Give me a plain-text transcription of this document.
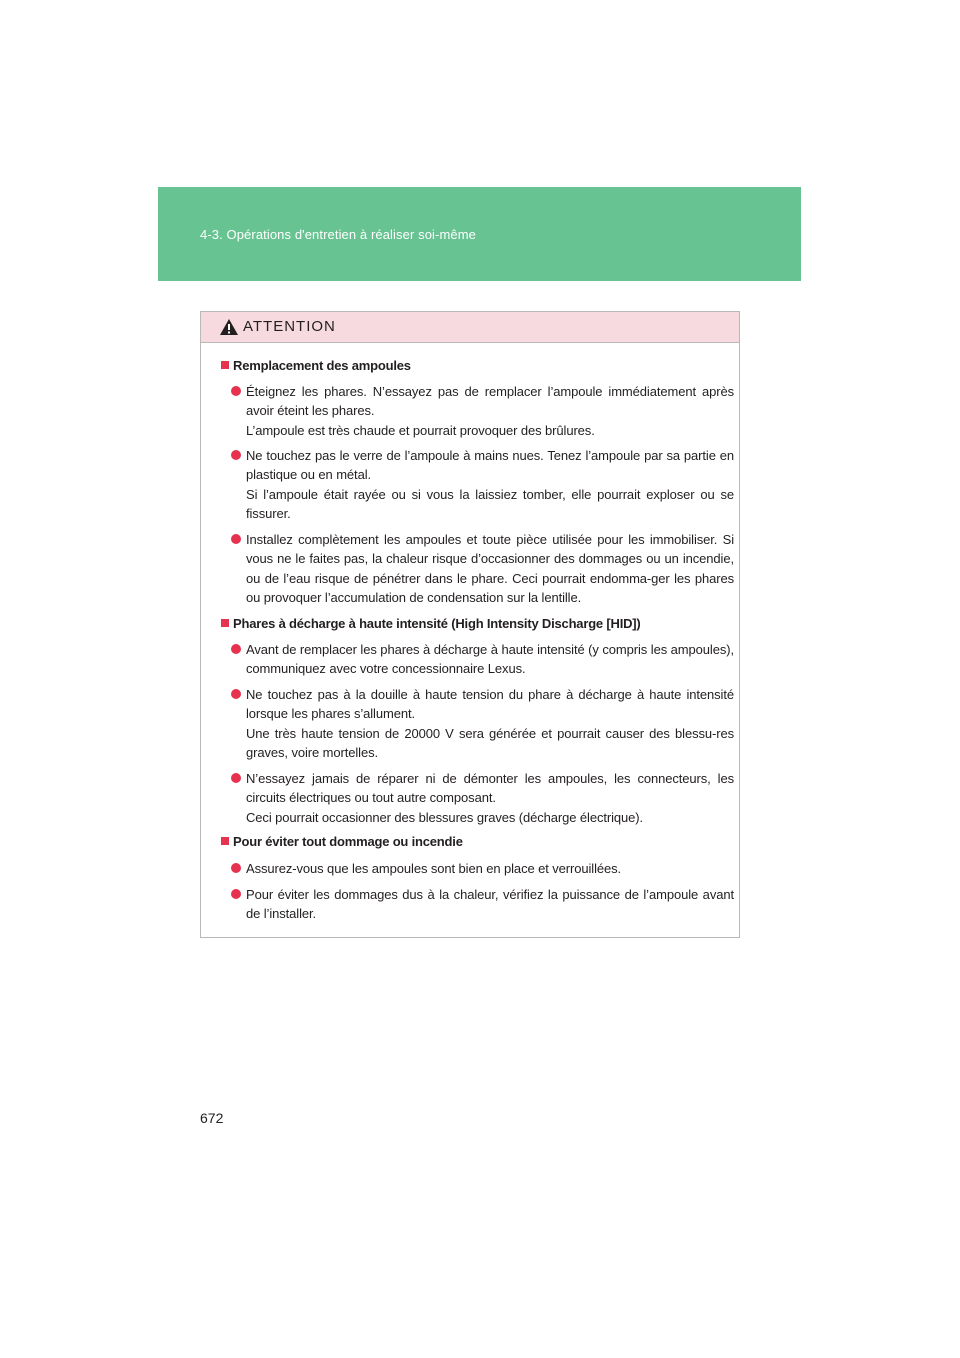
4-3. Opérations d'entretien à réaliser soi-même
ATTENTION
Remplacement des ampoules
Éteignez les phares. N’essayez pas de remplacer l’ampoule immédiatement après avoir éteint les phares.
L’ampoule est très chaude et pourrait provoquer des brûlures.
Ne touchez pas le verre de l’ampoule à mains nues. Tenez l’ampoule par sa partie en plastique ou en métal.
Si l’ampoule était rayée ou si vous la laissiez tomber, elle pourrait exploser ou se fissurer.
Installez complètement les ampoules et toute pièce utilisée pour les immobiliser. Si vous ne le faites pas, la chaleur risque d’occasionner des dommages ou un incendie, ou de l’eau risque de pénétrer dans le phare. Ceci pourrait endomma-ger les phares ou provoquer l’accumulation de condensation sur la lentille.
Phares à décharge à haute intensité (High Intensity Discharge [HID])
Avant de remplacer les phares à décharge à haute intensité (y compris les ampoules), communiquez avec votre concessionnaire Lexus.
Ne touchez pas à la douille à haute tension du phare à décharge à haute intensité lorsque les phares s’allument.
Une très haute tension de 20000 V sera générée et pourrait causer des blessu-res graves, voire mortelles.
N’essayez jamais de réparer ni de démonter les ampoules, les connecteurs, les circuits électriques ou tout autre composant.
Ceci pourrait occasionner des blessures graves (décharge électrique).
Pour éviter tout dommage ou incendie
Assurez-vous que les ampoules sont bien en place et verrouillées.
Pour éviter les dommages dus à la chaleur, vérifiez la puissance de l’ampoule avant de l’installer.
672
